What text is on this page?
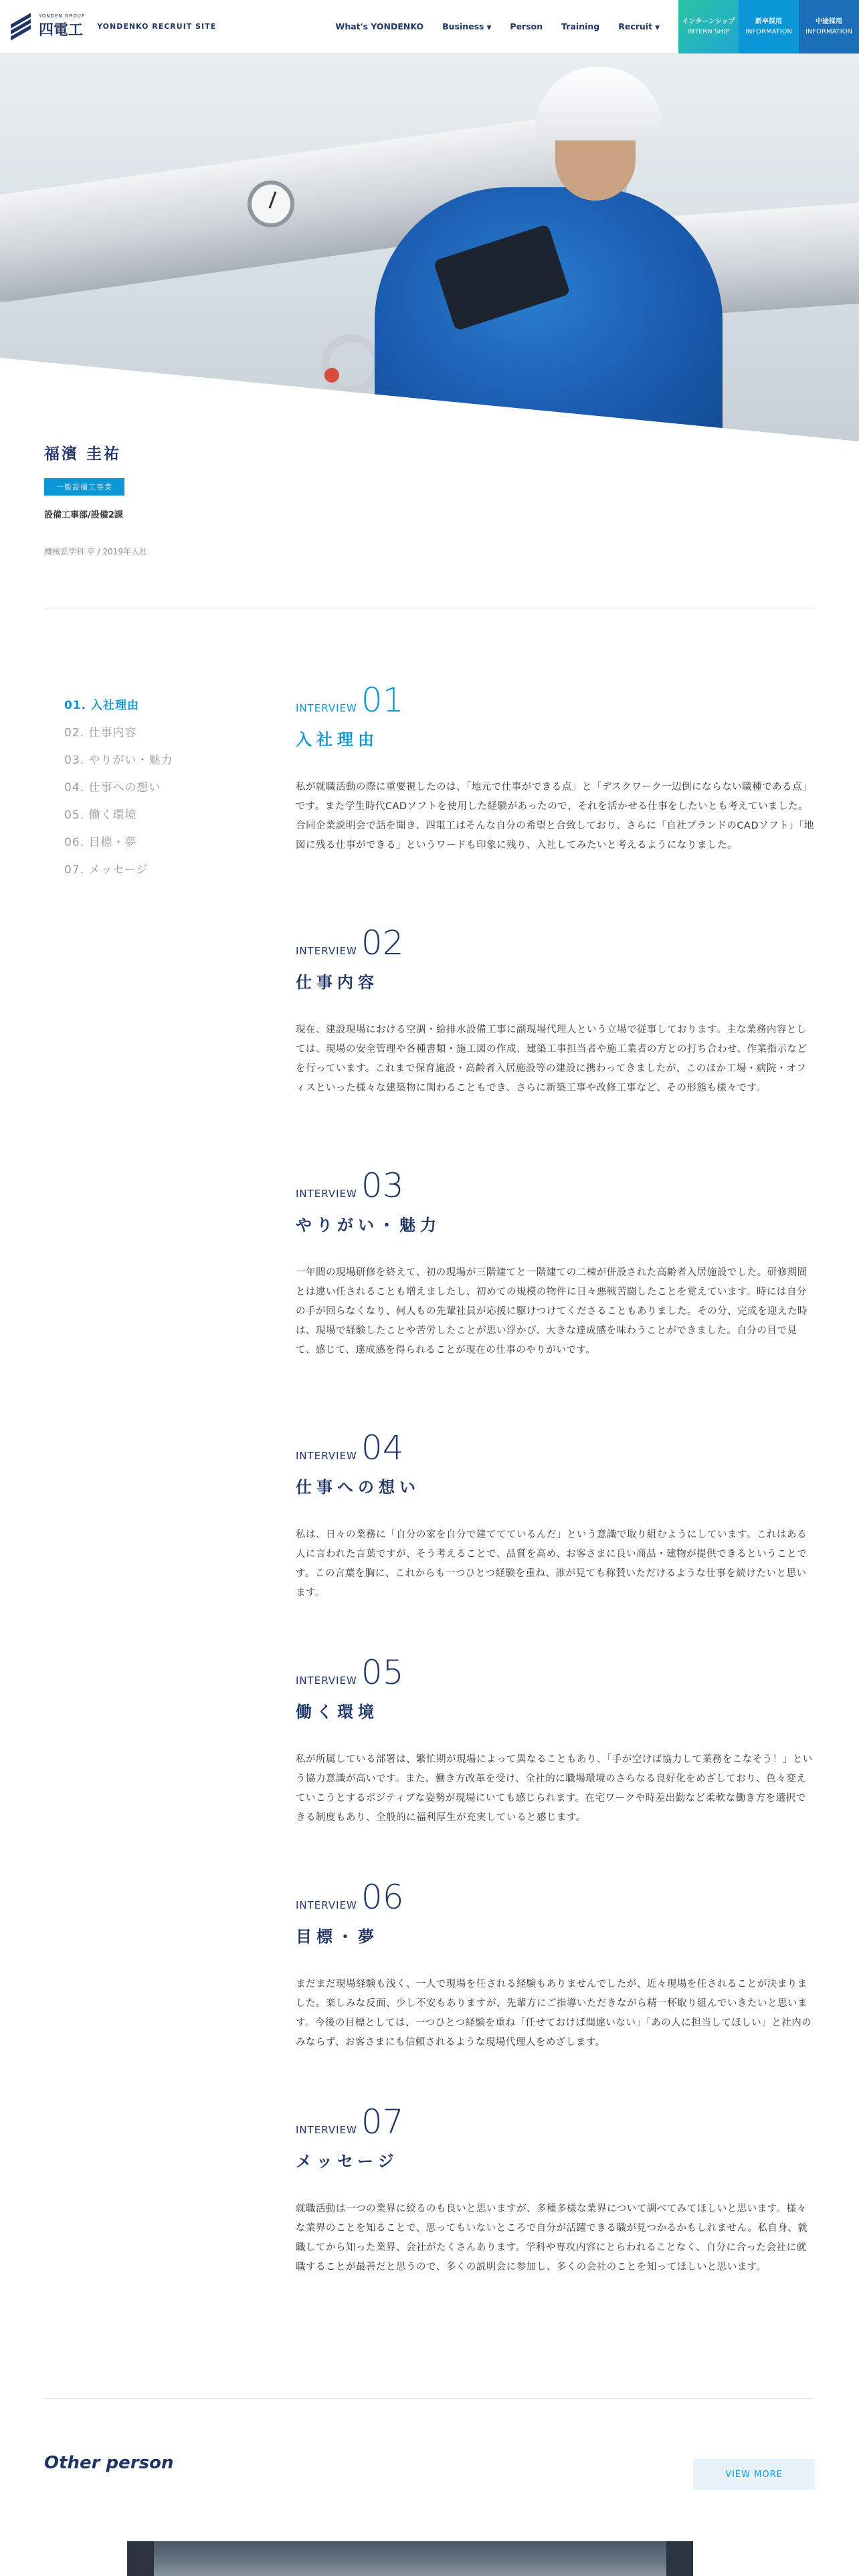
YONDEN GROUP
四電工 YONDENKO RECRUIT SITE	What's YONDENKO Business ▼ Person Training Recruit ▼
インターンシップ
INTERN SHIP
新卒採用
INFORMATION
中途採用
INFORMATION
福濱 圭祐
一般設備工事業
設備工事部/設備2課
機械系学科 卒 / 2019年入社
01. 入社理由
02. 仕事内容
03. やりがい・魅力
04. 仕事への想い
05. 働く環境
06. 目標・夢
07. メッセージ
INTERVIEW 01
入社理由

私が就職活動の際に重要視したのは、「地元で仕事ができる点」と「デスクワーク一辺倒にならない職種である点」です。また学生時代CADソフトを使用した経験があったので、それを活かせる仕事をしたいとも考えていました。合同企業説明会で話を聞き、四電工はそんな自分の希望と合致しており、さらに「自社ブランドのCADソフト」「地図に残る仕事ができる」というワードも印象に残り、入社してみたいと考えるようになりました。

INTERVIEW 02
仕事内容

現在、建設現場における空調・給排水設備工事に副現場代理人という立場で従事しております。主な業務内容としては、現場の安全管理や各種書類・施工図の作成、建築工事担当者や施工業者の方との打ち合わせ、作業指示などを行っています。これまで保育施設・高齢者入居施設等の建設に携わってきましたが、このほか工場・病院・オフィスといった様々な建築物に関わることもでき、さらに新築工事や改修工事など、その形態も様々です。

INTERVIEW 03
やりがい・魅力

一年間の現場研修を終えて、初の現場が三階建てと一階建ての二棟が併設された高齢者入居施設でした。研修期間とは違い任されることも増えましたし、初めての規模の物件に日々悪戦苦闘したことを覚えています。時には自分の手が回らなくなり、何人もの先輩社員が応援に駆けつけてくださることもありました。その分、完成を迎えた時は、現場で経験したことや苦労したことが思い浮かび、大きな達成感を味わうことができました。自分の目で見て、感じて、達成感を得られることが現在の仕事のやりがいです。

INTERVIEW 04
仕事への想い

私は、日々の業務に「自分の家を自分で建ててているんだ」という意識で取り組むようにしています。これはある人に言われた言葉ですが、そう考えることで、品質を高め、お客さまに良い商品・建物が提供できるということです。この言葉を胸に、これからも一つひとつ経験を重ね、誰が見ても称賛いただけるような仕事を続けたいと思います。

INTERVIEW 05
働く環境

私が所属している部署は、繁忙期が現場によって異なることもあり、「手が空けば協力して業務をこなそう！」という協力意識が高いです。また、働き方改革を受け、全社的に職場環境のさらなる良好化をめざしており、色々変えていこうとするポジティブな姿勢が現場にいても感じられます。在宅ワークや時差出勤など柔軟な働き方を選択できる制度もあり、全般的に福利厚生が充実していると感じます。

INTERVIEW 06
目標・夢

まだまだ現場経験も浅く、一人で現場を任される経験もありませんでしたが、近々現場を任されることが決まりました。楽しみな反面、少し不安もありますが、先輩方にご指導いただきながら精一杯取り組んでいきたいと思います。今後の目標としては、一つひとつ経験を重ね「任せておけば間違いない」「あの人に担当してほしい」と社内のみならず、お客さまにも信頼されるような現場代理人をめざします。

INTERVIEW 07
メッセージ

就職活動は一つの業界に絞るのも良いと思いますが、多種多様な業界について調べてみてほしいと思います。様々な業界のことを知ることで、思ってもいないところで自分が活躍できる職が見つかるかもしれません。私自身、就職してから知った業界、会社がたくさんあります。学科や専攻内容にとらわれることなく、自分に合った会社に就職することが最善だと思うので、多くの説明会に参加し、多くの会社のことを知ってほしいと思います。

Other person
VIEW MORE
